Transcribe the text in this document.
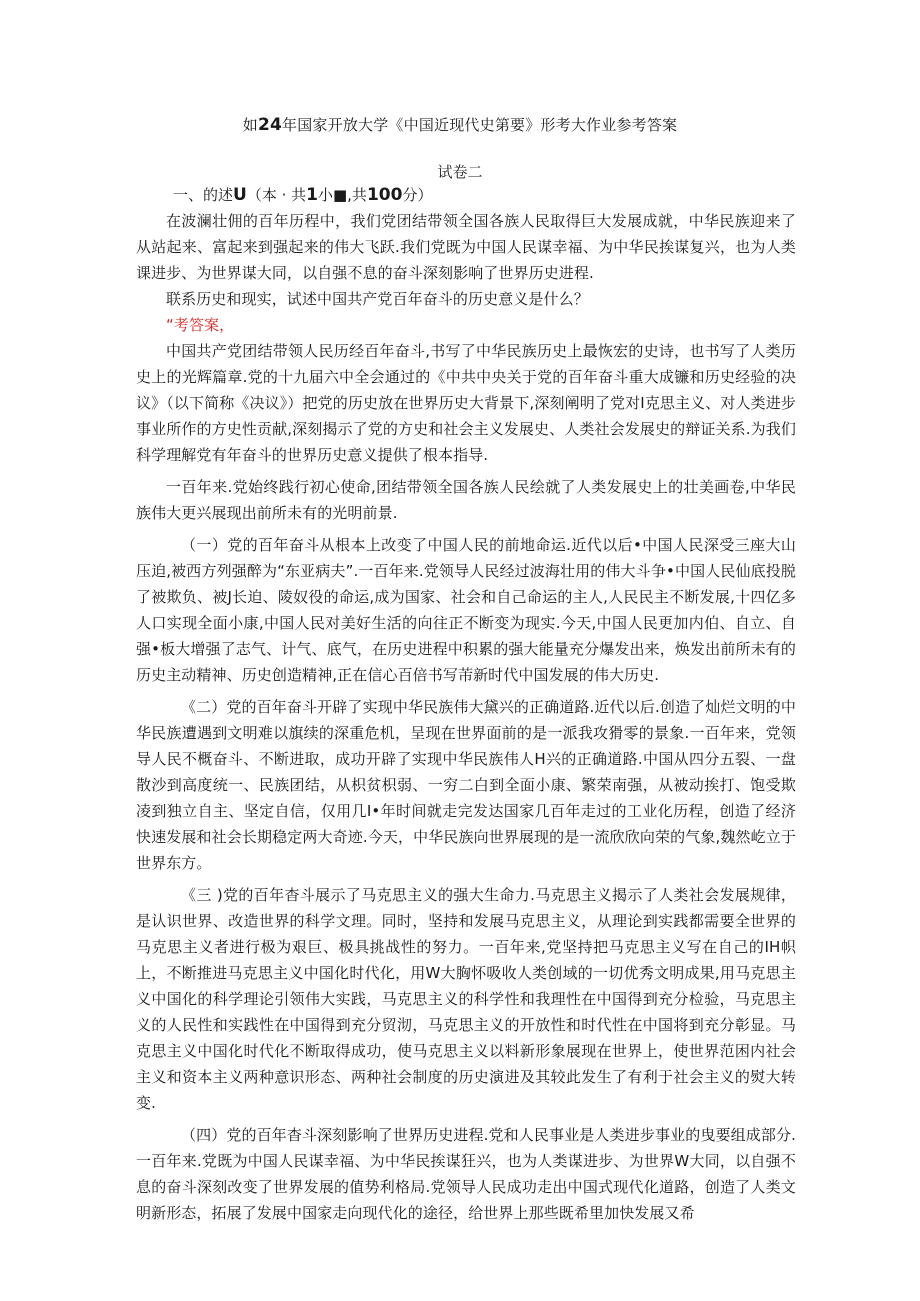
如24年国家开放大学《中国近现代史第要》形考大作业参考答案
试卷二
一、的述U（本 · 共1小■,共100分）

在波澜壮佣的百年历程中，我们党团结带领全国各族人民取得巨大发展成就，中华民族迎来了从站起来、富起来到强起来的伟大飞跃.我们党既为中国人民谋幸福、为中华民挨谋复兴，也为人类课进步、为世界谋大同，以自强不息的奋斗深刻影响了世界历史进程.

联系历史和现实，试述中国共产党百年奋斗的历史意义是什么？

“考答案，

中国共产党团结带领人民历经百年奋斗,书写了中华民族历史上最恢宏的史诗，也书写了人类历史上的光辉篇章.党的十九届六中全会通过的《中共中央关于党的百年奋斗重大成镰和历史经验的决议》（以下简称《决议》）把党的历史放在世界历史大背景下,深刻阐明了党对I克思主义、对人类进步事业所作的方史性贡献,深刻揭示了党的方史和社会主义发展史、人类社会发展史的辩证关系.为我们科学理解党有年奋斗的世界历史意义提供了根本指导.

一百年来.党始终践行初心使命,团结带领全国各族人民绘就了人类发展史上的壮美画卷,中华民族伟大更兴展现出前所未有的光明前景.

（一）党的百年奋斗从根本上改变了中国人民的前地命运.近代以后•中国人民深受三座大山压迫,被西方列强醉为“东亚病夫”.一百年来.党领导人民经过波海壮用的伟大斗争•中国人民仙底投脱了被欺负、被J长迫、陵奴役的命运,成为国家、社会和自己命运的主人,人民民主不断发展,十四亿多人口实现全面小康,中国人民对美好生活的向往正不断变为现实.今天,中国人民更加内伯、自立、自强•板大增强了志气、计气、底气，在历史进程中积累的强大能量充分爆发出来，焕发出前所未有的历史主动精神、历史创造精神,正在信心百倍书写芾新时代中国发展的伟大历史.

《二）党的百年奋斗开辟了实现中华民族伟大黛兴的正确道路.近代以后.创造了灿烂文明的中华民族遭遇到文明难以旗续的深重危机，呈现在世界面前的是一派我攻猾零的景象.一百年来，党领导人民不概奋斗、不断进取，成功开辟了实现中华民族伟人H兴的正确道路.中国从四分五裂、一盘散沙到高度统一、民族团结，从枳贫枳弱、一穷二白到全面小康、繁荣南强，从被动挨打、饱受欺凌到独立自主、坚定自信，仅用几I•年时间就走完发达国家几百年走过的工业化历程，创造了经济快速发展和社会长期稳定两大奇迹.今天，中华民族向世界展现的是一流欣欣向荣的气象,魏然屹立于世界东方。

《三 )党的百年杳斗展示了马克思主义的强大生命力.马克思主义揭示了人类社会发展规律，是认识世界、改造世界的科学文理。同时，坚持和发展马克思主义，从理论到实践都需要全世界的马克思主义者进行极为艰巨、极具挑战性的努力。一百年来,党坚持把马克思主义写在自己的IH帜上，不断推进马克思主义中国化时代化，用W大胸怀吸收人类创域的一切优秀文明成果,用马克思主义中国化的科学理论引领伟大实践，马克思主义的科学性和我理性在中国得到充分检验，马克思主义的人民性和实践性在中国得到充分贸沏，马克思主义的开放性和时代性在中国将到充分彰显。马克思主义中国化时代化不断取得成功，使马克思主义以料新形象展现在世界上，使世界范困内社会主义和资本主义两种意识形态、两种社会制度的历史演进及其较此发生了有利于社会主义的熨大转变.

（四）党的百年杳斗深刻影响了世界历史进程.党和人民事业是人类进步事业的曳要组成部分.一百年来.党既为中国人民谋幸福、为中华民挨谋狂兴，也为人类谋进步、为世界W大同，以自强不息的奋斗深刻改变了世界发展的值势利格局.党领导人民成功走出中国式现代化道路，创造了人类文明新形态，拓展了发展中国家走向现代化的途径，给世界上那些既希里加快发展又希
